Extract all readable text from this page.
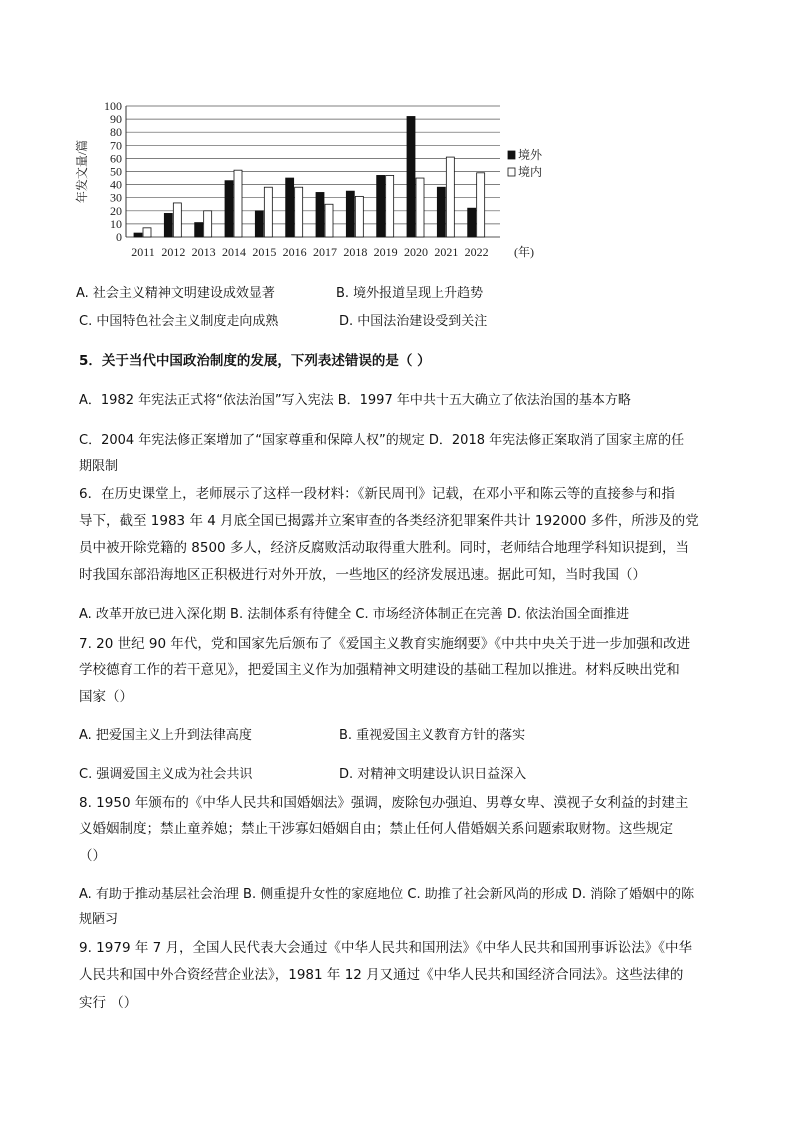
0
10
20
30
40
50
60
70
80
90
100
年发文量/篇
2011 2012 2013 2014 2015 2016 2017 2018 2019 2020 2021 2022 (年)
境外
境内
A. 社会主义精神文明建设成效显著	B. 境外报道呈现上升趋势
C. 中国特色社会主义制度走向成熟	D. 中国法治建设受到关注
5．关于当代中国政治制度的发展，下列表述错误的是（ ）
A．1982 年宪法正式将“依法治国”写入宪法 B．1997 年中共十五大确立了依法治国的基本方略
C．2004 年宪法修正案增加了“国家尊重和保障人权”的规定 D．2018 年宪法修正案取消了国家主席的任
期限制
6．在历史课堂上，老师展示了这样一段材料：《新民周刊》记载，在邓小平和陈云等的直接参与和指
导下，截至 1983 年 4 月底全国已揭露并立案审查的各类经济犯罪案件共计 192000 多件，所涉及的党
员中被开除党籍的 8500 多人，经济反腐败活动取得重大胜利。同时，老师结合地理学科知识提到，当
时我国东部沿海地区正积极进行对外开放，一些地区的经济发展迅速。据此可知，当时我国（）
A. 改革开放已进入深化期 B. 法制体系有待健全 C. 市场经济体制正在完善 D. 依法治国全面推进
7. 20 世纪 90 年代，党和国家先后颁布了《爱国主义教育实施纲要》《中共中央关于进一步加强和改进
学校德育工作的若干意见》，把爱国主义作为加强精神文明建设的基础工程加以推进。材料反映出党和
国家（）
A. 把爱国主义上升到法律高度	B. 重视爱国主义教育方针的落实
C. 强调爱国主义成为社会共识	D. 对精神文明建设认识日益深入
8. 1950 年颁布的《中华人民共和国婚姻法》强调，废除包办强迫、男尊女卑、漠视子女利益的封建主
义婚姻制度；禁止童养媳；禁止干涉寡妇婚姻自由；禁止任何人借婚姻关系问题索取财物。这些规定
（）
A. 有助于推动基层社会治理 B. 侧重提升女性的家庭地位 C. 助推了社会新风尚的形成 D. 消除了婚姻中的陈
规陋习
9. 1979 年 7 月，全国人民代表大会通过《中华人民共和国刑法》《中华人民共和国刑事诉讼法》《中华
人民共和国中外合资经营企业法》，1981 年 12 月又通过《中华人民共和国经济合同法》。这些法律的
实行 （）
